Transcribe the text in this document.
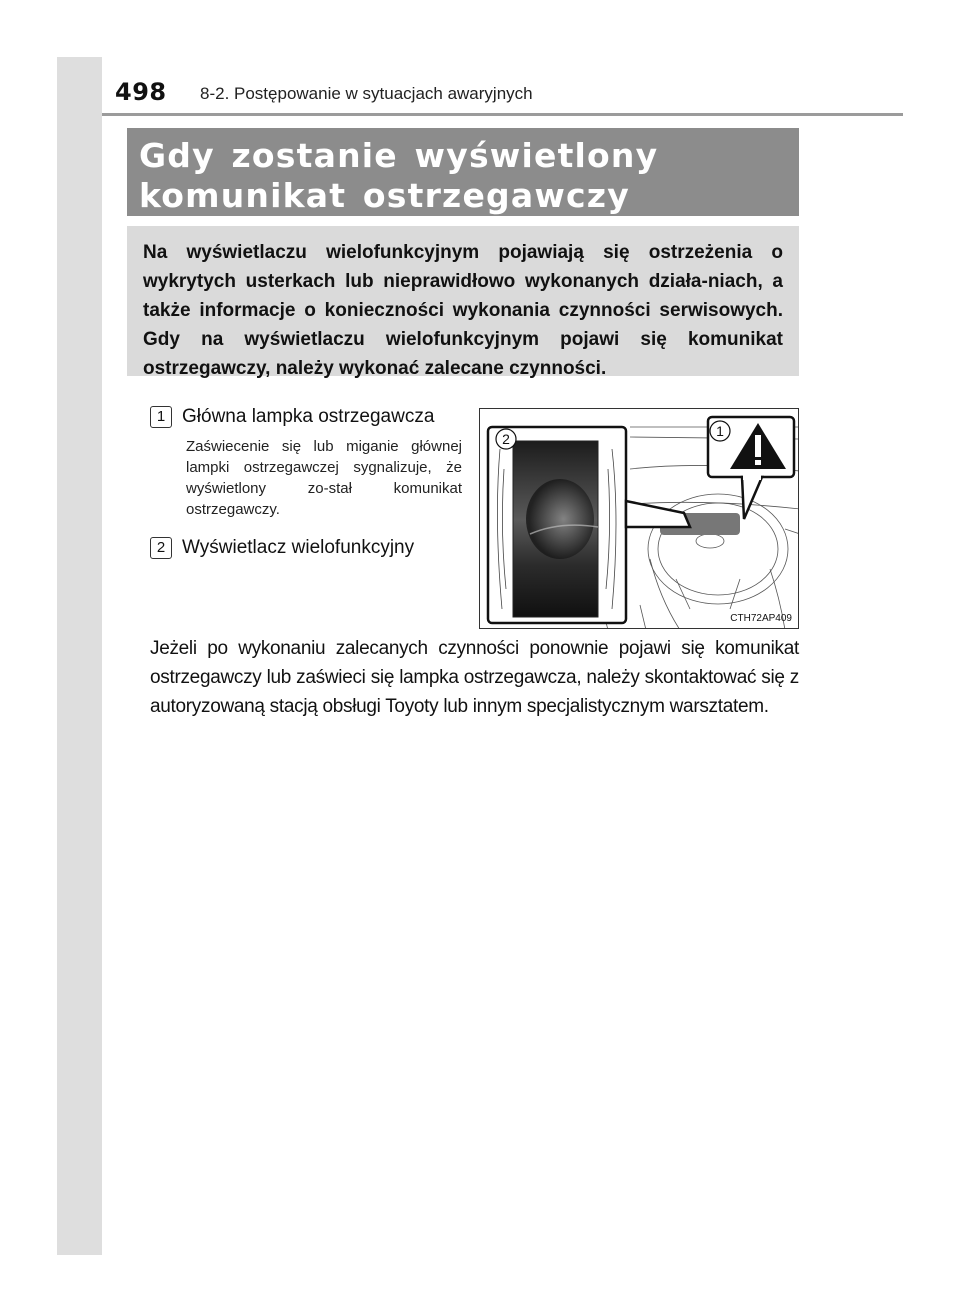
498 8-2. Postępowanie w sytuacjach awaryjnych
Gdy zostanie wyświetlony komunikat ostrzegawczy
Na wyświetlaczu wielofunkcyjnym pojawiają się ostrzeżenia o wykrytych usterkach lub nieprawidłowo wykonanych działa-niach, a także informacje o konieczności wykonania czynności serwisowych. Gdy na wyświetlaczu wielofunkcyjnym pojawi się komunikat ostrzegawczy, należy wykonać zalecane czynności.
1 Główna lampka ostrzegawcza
Zaświecenie się lub miganie głównej lampki ostrzegawczej sygnalizuje, że wyświetlony zo-stał komunikat ostrzegawczy.
2 Wyświetlacz wielofunkcyjny
2	1
CTH72AP409
Jeżeli po wykonaniu zalecanych czynności ponownie pojawi się komunikat ostrzegawczy lub zaświeci się lampka ostrzegawcza, należy skontaktować się z autoryzowaną stacją obsługi Toyoty lub innym specjalistycznym warsztatem.
